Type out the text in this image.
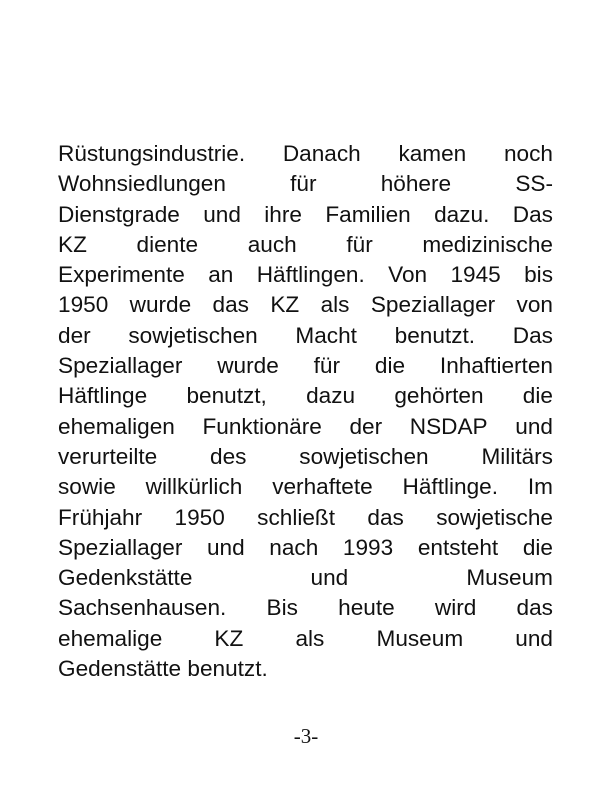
Rüstungsindustrie. Danach kamen noch
Wohnsiedlungen	für	höhere	SS-
Dienstgrade und ihre Familien dazu. Das
KZ diente auch für medizinische
Experimente an Häftlingen. Von 1945 bis
1950 wurde das KZ als Speziallager von
der sowjetischen Macht benutzt. Das
Speziallager wurde für die Inhaftierten
Häftlinge benutzt, dazu gehörten die
ehemaligen Funktionäre der NSDAP und
verurteilte des sowjetischen Militärs
sowie willkürlich verhaftete Häftlinge. Im
Frühjahr 1950 schließt das sowjetische
Speziallager und nach 1993 entsteht die
Gedenkstätte	und	Museum
Sachsenhausen. Bis heute wird das
ehemalige KZ als Museum und
Gedenstätte benutzt.
-3-
